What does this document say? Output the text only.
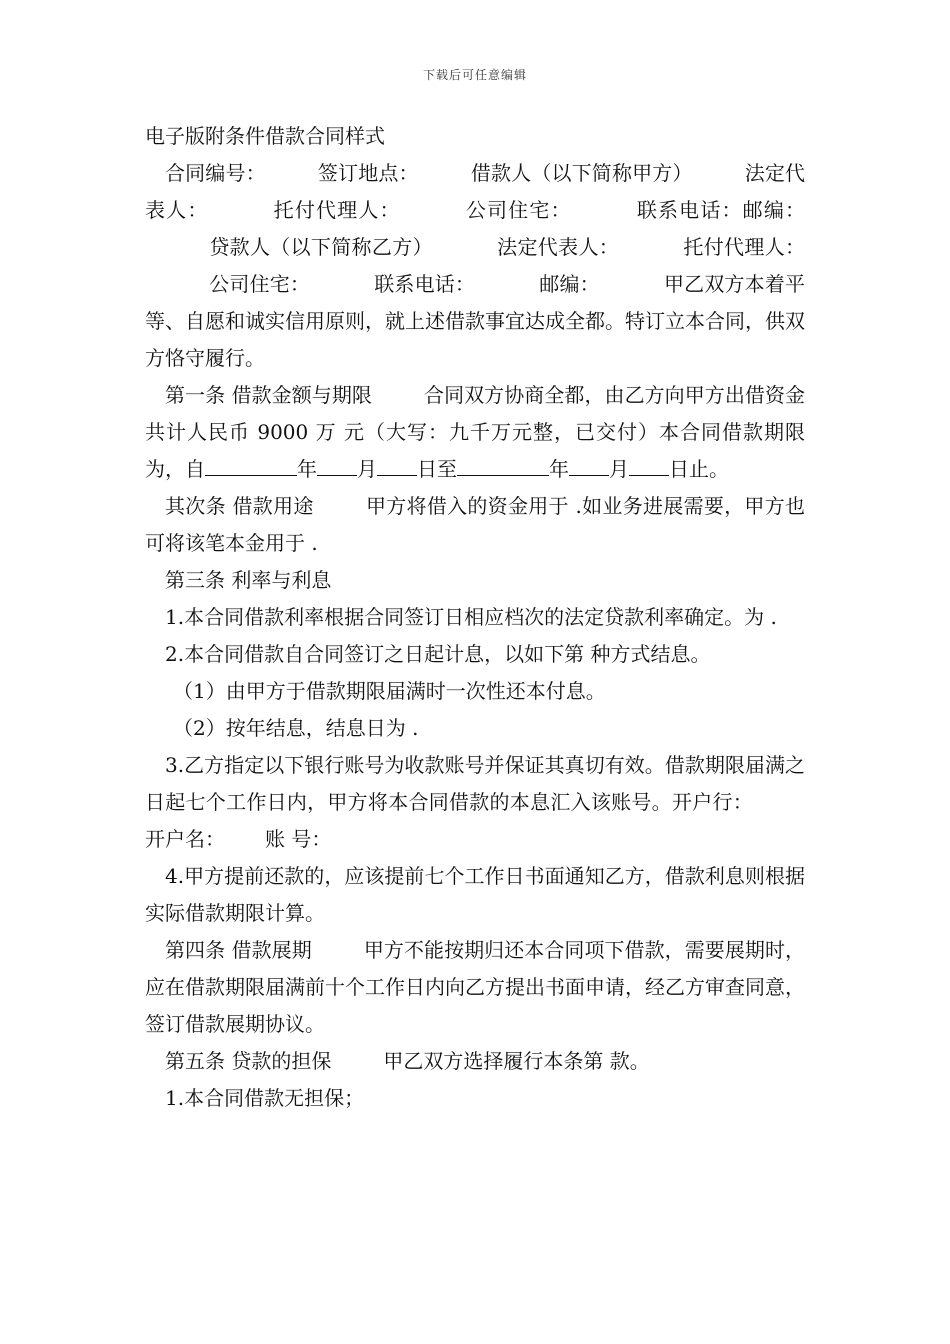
下载后可任意编辑

电子版附条件借款合同样式

合同编号：	签订地点：	借款人（以下简称甲方）	法定代表人：	托付代理人：	公司住宅：	联系电话：邮编：贷款人（以下简称乙方）	法定代表人：	托付代理人：公司住宅：	联系电话：	邮编：	甲乙双方本着平等、自愿和诚实信用原则，就上述借款事宜达成全都。特订立本合同，供双方恪守履行。

第一条 借款金额与期限	合同双方协商全都，由乙方向甲方出借资金共计人民币 9000 万 元（大写：九千万元整，已交付）本合同借款期限为，自	年 月 日至	年 月 日止。

其次条 借款用途	甲方将借入的资金用于 .如业务进展需要，甲方也可将该笔本金用于 .

第三条 利率与利息

1.本合同借款利率根据合同签订日相应档次的法定贷款利率确定。为 .

2.本合同借款自合同签订之日起计息，以如下第 种方式结息。

（1）由甲方于借款期限届满时一次性还本付息。

（2）按年结息，结息日为 .

3.乙方指定以下银行账号为收款账号并保证其真切有效。借款期限届满之日起七个工作日内，甲方将本合同借款的本息汇入该账号。开户行：开户名： 账 号：

4.甲方提前还款的，应该提前七个工作日书面通知乙方，借款利息则根据实际借款期限计算。

第四条 借款展期	甲方不能按期归还本合同项下借款，需要展期时，应在借款期限届满前十个工作日内向乙方提出书面申请，经乙方审查同意，签订借款展期协议。

第五条 贷款的担保	甲乙双方选择履行本条第 款。

1.本合同借款无担保；
